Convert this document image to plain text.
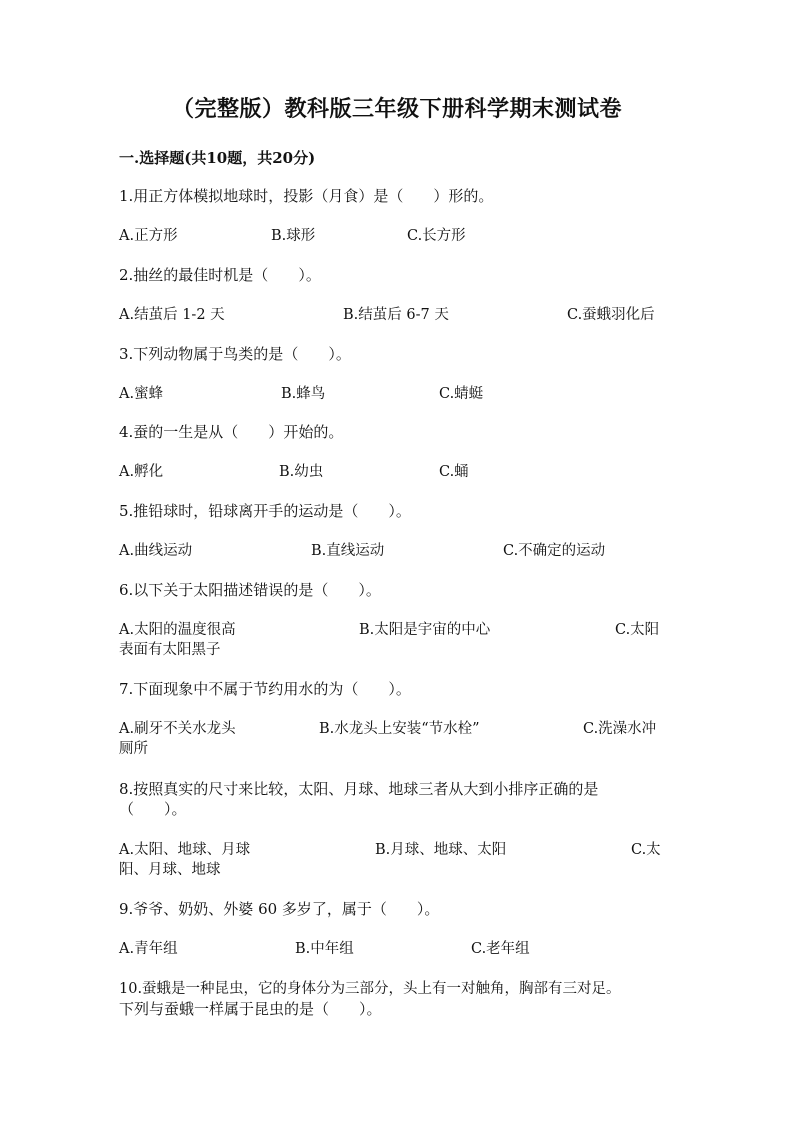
（完整版）教科版三年级下册科学期末测试卷
一.选择题(共10题，共20分)
1.用正方体模拟地球时，投影（月食）是（　　）形的。
A.正方形	B.球形	C.长方形
2.抽丝的最佳时机是（　　）。
A.结茧后 1-2 天	B.结茧后 6-7 天	C.蚕蛾羽化后
3.下列动物属于鸟类的是（　　）。
A.蜜蜂	B.蜂鸟	C.蜻蜓
4.蚕的一生是从（　　）开始的。
A.孵化	B.幼虫	C.蛹
5.推铅球时，铅球离开手的运动是（　　）。
A.曲线运动	B.直线运动	C.不确定的运动
6.以下关于太阳描述错误的是（　　）。
A.太阳的温度很高	B.太阳是宇宙的中心	C.太阳
表面有太阳黑子
7.下面现象中不属于节约用水的为（　　）。
A.刷牙不关水龙头	B.水龙头上安装“节水栓”	C.洗澡水冲
厕所
8.按照真实的尺寸来比较，太阳、月球、地球三者从大到小排序正确的是
（　　）。
A.太阳、地球、月球	B.月球、地球、太阳	C.太
阳、月球、地球
9.爷爷、奶奶、外婆 60 多岁了，属于（　　）。
A.青年组	B.中年组	C.老年组
10.蚕蛾是一种昆虫，它的身体分为三部分，头上有一对触角，胸部有三对足。
下列与蚕蛾一样属于昆虫的是（　　）。
